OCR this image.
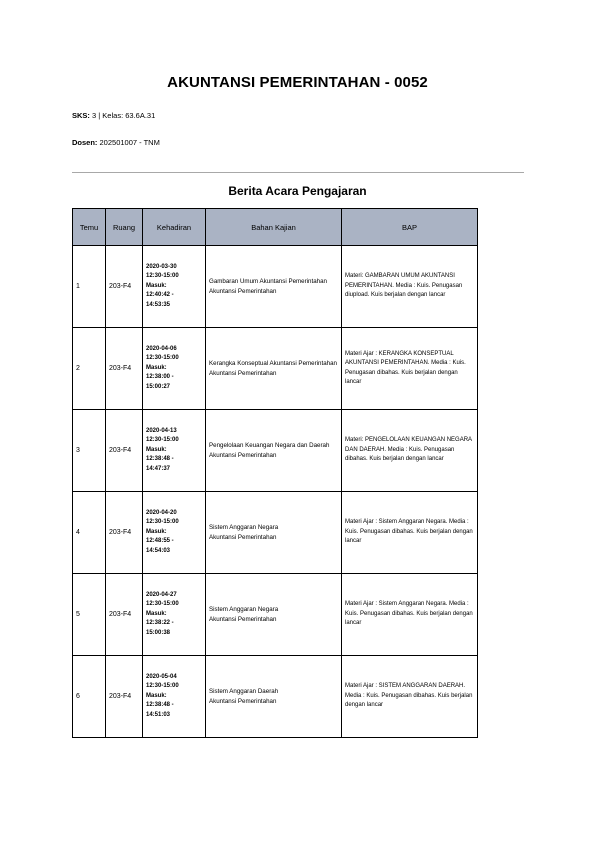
AKUNTANSI PEMERINTAHAN - 0052
SKS: 3 | Kelas: 63.6A.31
Dosen: 202501007 - TNM
Berita Acara Pengajaran
Temu	Ruang	Kehadiran	Bahan Kajian	BAP
1	203-F4	2020-03-30
12:30-15:00
Masuk:
12:40:42 -
14:53:35	Gambaran Umum Akuntansi Pemerintahan
Akuntansi Pemerintahan	Materi: GAMBARAN UMUM AKUNTANSI PEMERINTAHAN. Media : Kuis. Penugasan diupload. Kuis berjalan dengan lancar
2	203-F4	2020-04-06
12:30-15:00
Masuk:
12:38:00 -
15:00:27	Kerangka Konseptual Akuntansi Pemerintahan
Akuntansi Pemerintahan	Materi Ajar : KERANGKA KONSEPTUAL AKUNTANSI PEMERINTAHAN. Media : Kuis. Penugasan dibahas. Kuis berjalan dengan lancar
3	203-F4	2020-04-13
12:30-15:00
Masuk:
12:38:48 -
14:47:37	Pengelolaan Keuangan Negara dan Daerah
Akuntansi Pemerintahan	Materi: PENGELOLAAN KEUANGAN NEGARA DAN DAERAH. Media : Kuis. Penugasan dibahas. Kuis berjalan dengan lancar
4	203-F4	2020-04-20
12:30-15:00
Masuk:
12:48:55 -
14:54:03	Sistem Anggaran Negara
Akuntansi Pemerintahan	Materi Ajar : Sistem Anggaran Negara. Media : Kuis. Penugasan dibahas. Kuis berjalan dengan lancar
5	203-F4	2020-04-27
12:30-15:00
Masuk:
12:38:22 -
15:00:38	Sistem Anggaran Negara
Akuntansi Pemerintahan	Materi Ajar : Sistem Anggaran Negara. Media : Kuis. Penugasan dibahas. Kuis berjalan dengan lancar
6	203-F4	2020-05-04
12:30-15:00
Masuk:
12:38:48 -
14:51:03	Sistem Anggaran Daerah
Akuntansi Pemerintahan	Materi Ajar : SISTEM ANGGARAN DAERAH. Media : Kuis. Penugasan dibahas. Kuis berjalan dengan lancar
